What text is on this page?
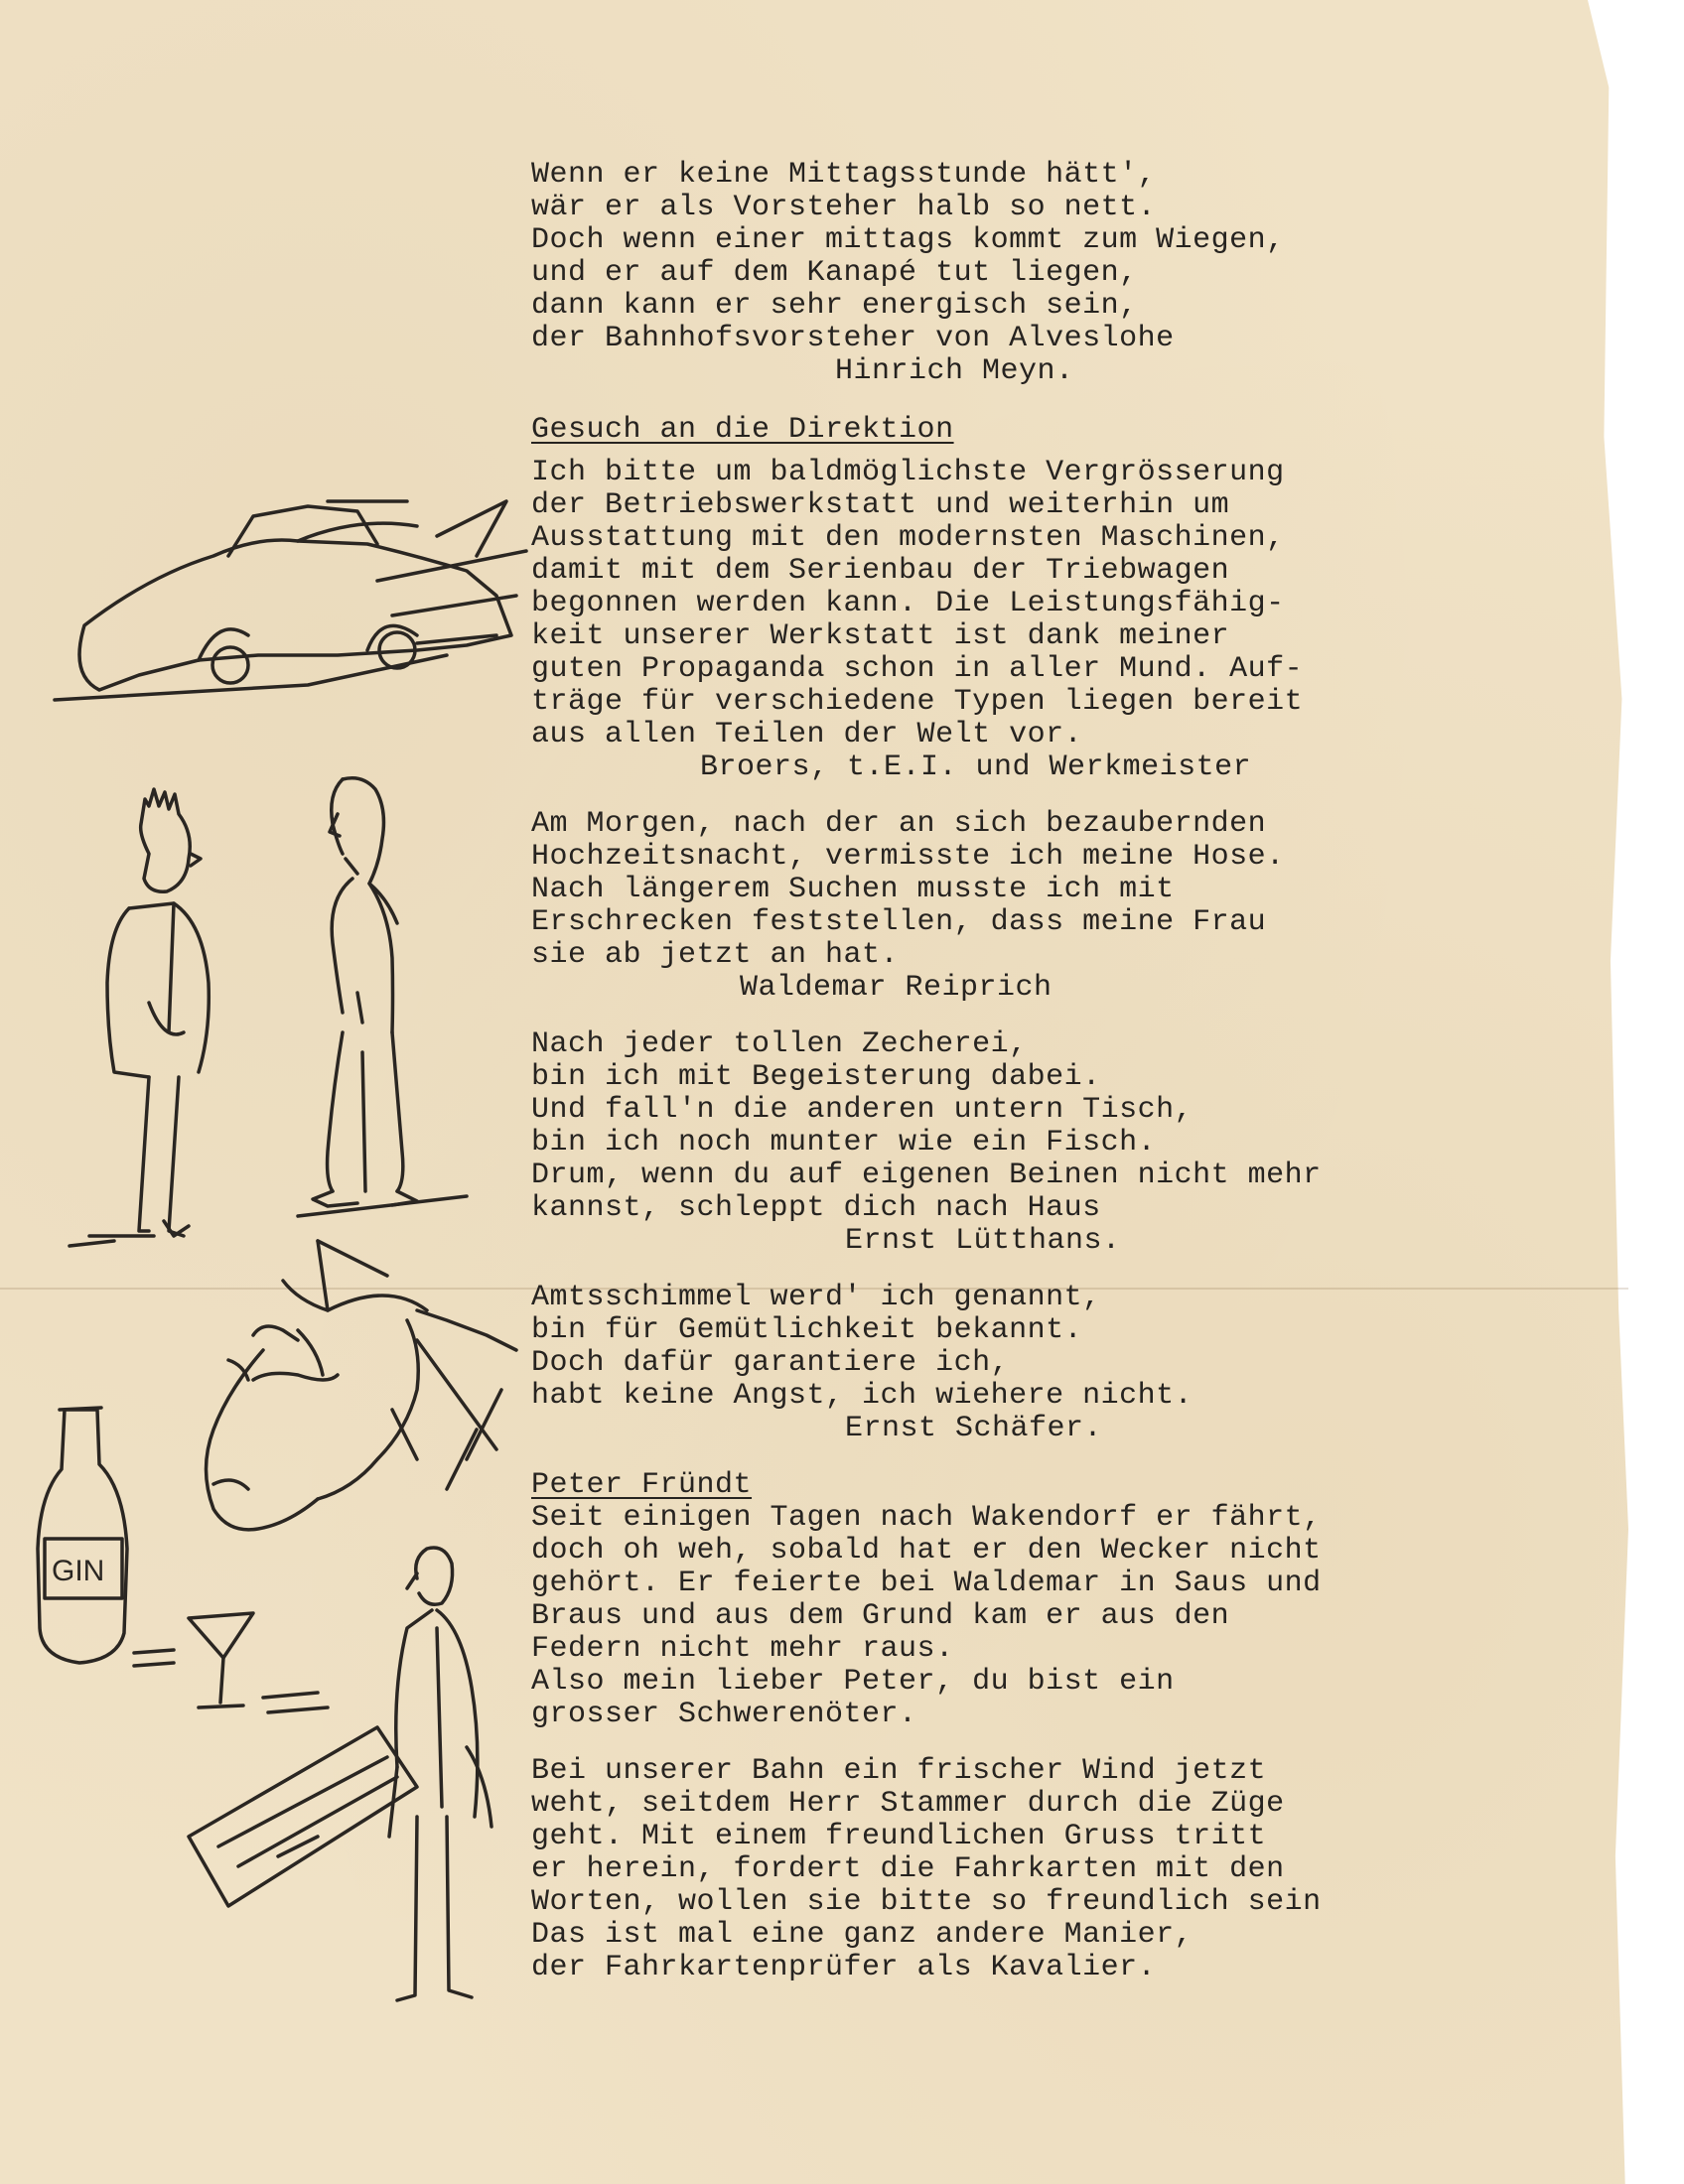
GIN
Wenn er keine Mittagsstunde hätt',
wär er als Vorsteher halb so nett.
Doch wenn einer mittags kommt zum Wiegen,
und er auf dem Kanapé tut liegen,
dann kann er sehr energisch sein,
der Bahnhofsvorsteher von Alveslohe
Hinrich Meyn.
Gesuch an die Direktion
Ich bitte um baldmöglichste Vergrösserung
der Betriebswerkstatt und weiterhin um
Ausstattung mit den modernsten Maschinen,
damit mit dem Serienbau der Triebwagen
begonnen werden kann. Die Leistungsfähig-
keit unserer Werkstatt ist dank meiner
guten Propaganda schon in aller Mund. Auf-
träge für verschiedene Typen liegen bereit
aus allen Teilen der Welt vor.
Broers, t.E.I. und Werkmeister
Am Morgen, nach der an sich bezaubernden
Hochzeitsnacht, vermisste ich meine Hose.
Nach längerem Suchen musste ich mit
Erschrecken feststellen, dass meine Frau
sie ab jetzt an hat.
Waldemar Reiprich
Nach jeder tollen Zecherei,
bin ich mit Begeisterung dabei.
Und fall'n die anderen untern Tisch,
bin ich noch munter wie ein Fisch.
Drum, wenn du auf eigenen Beinen nicht mehr
kannst, schleppt dich nach Haus
Ernst Lütthans.
Amtsschimmel werd' ich genannt,
bin für Gemütlichkeit bekannt.
Doch dafür garantiere ich,
habt keine Angst, ich wiehere nicht.
Ernst Schäfer.
Peter Fründt
Seit einigen Tagen nach Wakendorf er fährt,
doch oh weh, sobald hat er den Wecker nicht
gehört. Er feierte bei Waldemar in Saus und
Braus und aus dem Grund kam er aus den
Federn nicht mehr raus.
Also mein lieber Peter, du bist ein
grosser Schwerenöter.
Bei unserer Bahn ein frischer Wind jetzt
weht, seitdem Herr Stammer durch die Züge
geht. Mit einem freundlichen Gruss tritt
er herein, fordert die Fahrkarten mit den
Worten, wollen sie bitte so freundlich sein
Das ist mal eine ganz andere Manier,
der Fahrkartenprüfer als Kavalier.
